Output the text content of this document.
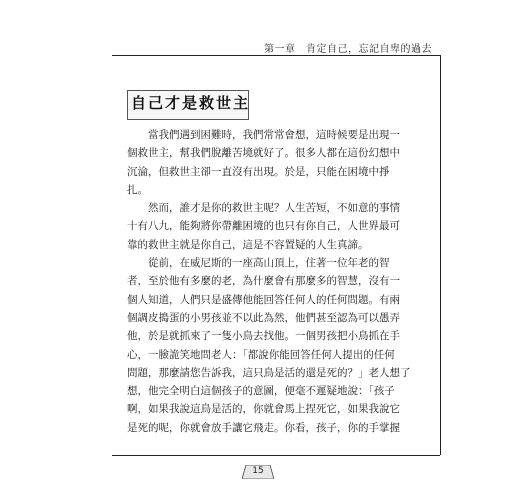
第一章　肯定自己，忘記自卑的過去
自己才是救世主
　　當我們遇到困難時，我們常常會想，這時候要是出現一
個救世主，幫我們脫離苦境就好了。很多人都在這份幻想中
沉淪，但救世主卻一直沒有出現。於是，只能在困境中掙
扎。
　　然而，誰才是你的救世主呢？人生苦短，不如意的事情
十有八九，能夠將你帶離困境的也只有你自己，人世界最可
靠的救世主就是你自己，這是不容置疑的人生真諦。
　　從前，在威尼斯的一座高山頂上，住著一位年老的智
者，至於他有多麼的老，為什麼會有那麼多的智慧，沒有一
個人知道，人們只是盛傳他能回答任何人的任何問題。有兩
個調皮搗蛋的小男孩並不以此為然，他們甚至認為可以愚弄
他，於是就抓來了一隻小鳥去找他。一個男孩把小鳥抓在手
心，一臉詭笑地問老人：「都說你能回答任何人提出的任何
問題，那麼請您告訴我，這只鳥是活的還是死的？」老人想了
想，他完全明白這個孩子的意圖，便毫不遲疑地說：「孩子
啊，如果我說這鳥是活的，你就會馬上捏死它，如果我說它
是死的呢，你就會放手讓它飛走。你看，孩子，你的手掌握
15
